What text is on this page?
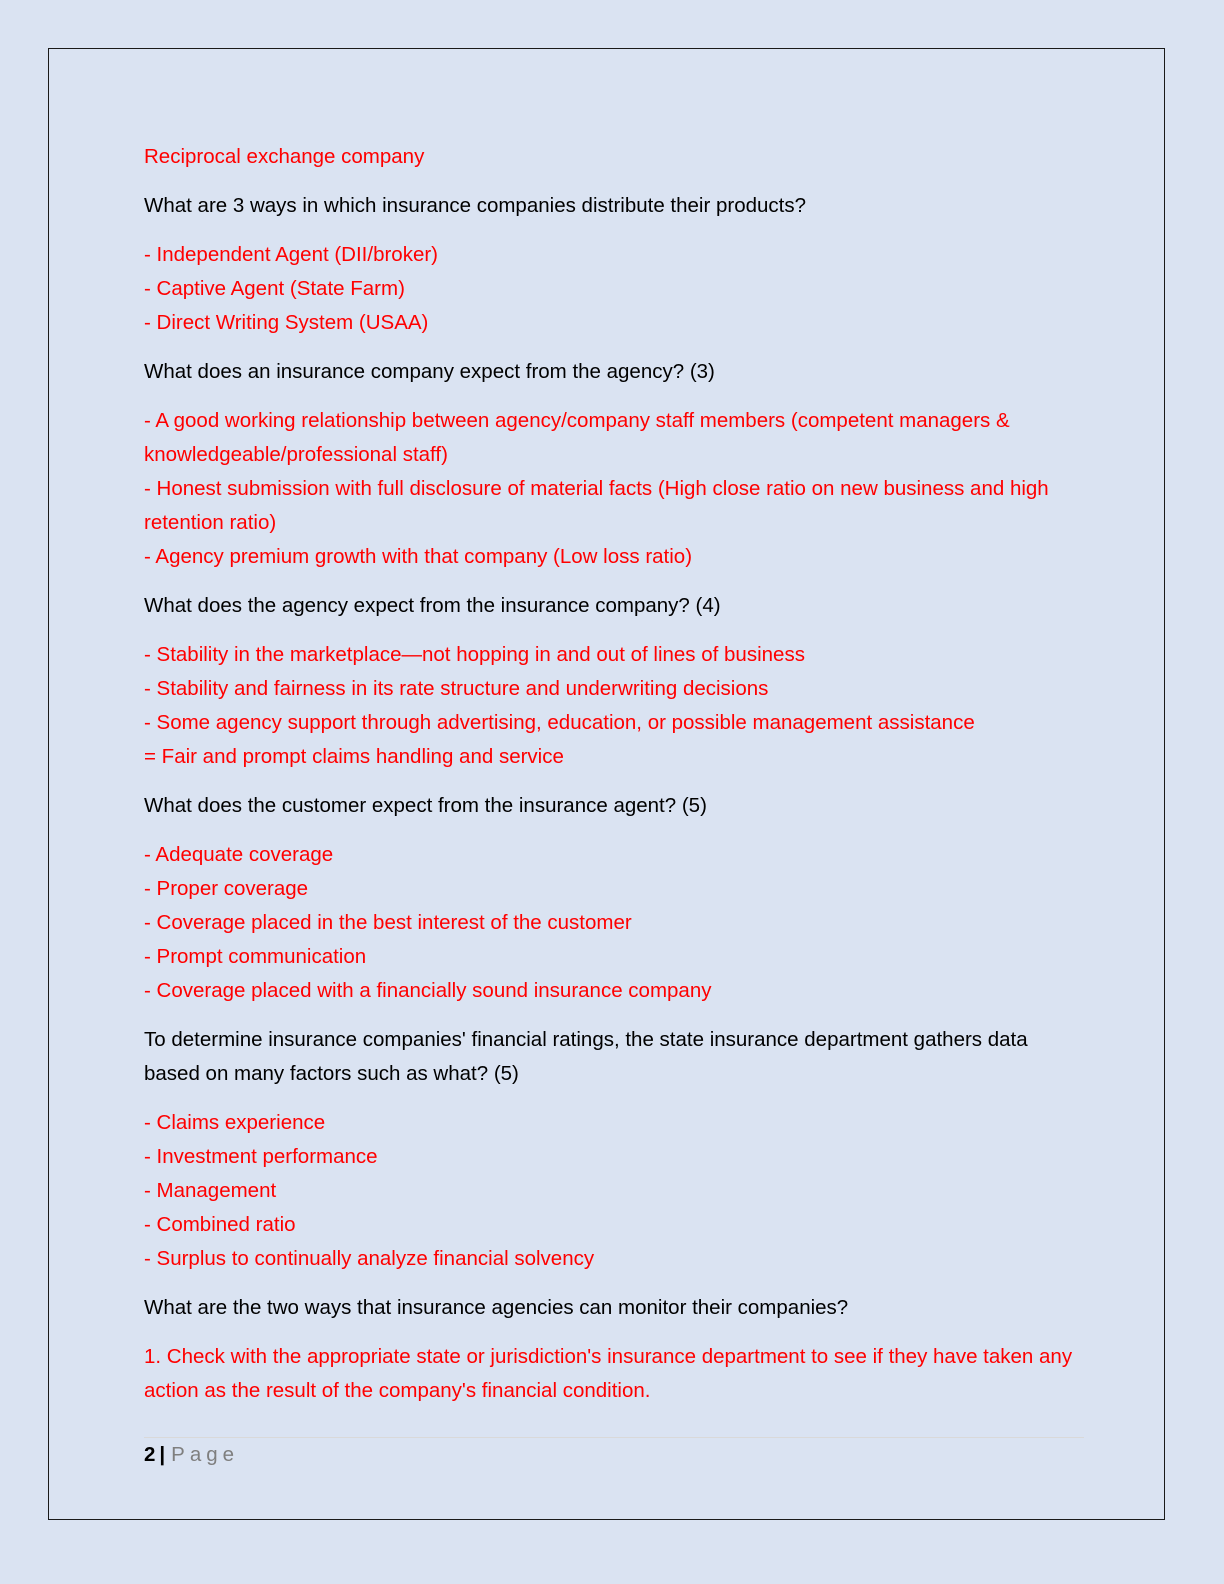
Reciprocal exchange company

What are 3 ways in which insurance companies distribute their products?

- Independent Agent (DII/broker)
- Captive Agent (State Farm)
- Direct Writing System (USAA)

What does an insurance company expect from the agency? (3)

- A good working relationship between agency/company staff members (competent managers & knowledgeable/professional staff)
- Honest submission with full disclosure of material facts (High close ratio on new business and high retention ratio)
- Agency premium growth with that company (Low loss ratio)

What does the agency expect from the insurance company? (4)

- Stability in the marketplace—not hopping in and out of lines of business
- Stability and fairness in its rate structure and underwriting decisions
- Some agency support through advertising, education, or possible management assistance
= Fair and prompt claims handling and service

What does the customer expect from the insurance agent? (5)

- Adequate coverage
- Proper coverage
- Coverage placed in the best interest of the customer
- Prompt communication
- Coverage placed with a financially sound insurance company

To determine insurance companies' financial ratings, the state insurance department gathers data based on many factors such as what? (5)

- Claims experience
- Investment performance
- Management
- Combined ratio
- Surplus to continually analyze financial solvency

What are the two ways that insurance agencies can monitor their companies?

1. Check with the appropriate state or jurisdiction's insurance department to see if they have taken any action as the result of the company's financial condition.

2 | Page
